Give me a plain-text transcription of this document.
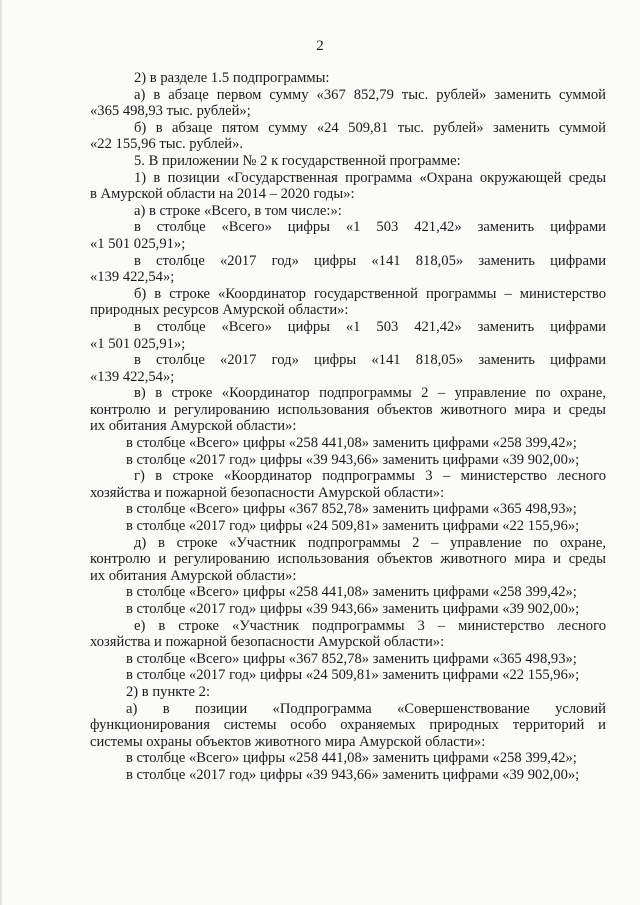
2
2) в разделе 1.5 подпрограммы:
а) в абзаце первом сумму «367 852,79 тыс. рублей» заменить суммой
«365 498,93 тыс. рублей»;
б) в абзаце пятом сумму «24 509,81 тыс. рублей» заменить суммой
«22 155,96 тыс. рублей».
5. В приложении № 2 к государственной программе:
1) в позиции «Государственная программа «Охрана окружающей среды
в Амурской области на 2014 – 2020 годы»:
а) в строке «Всего, в том числе:»:
в столбце «Всего» цифры «1 503 421,42» заменить цифрами
«1 501 025,91»;
в столбце «2017 год» цифры «141 818,05» заменить цифрами
«139 422,54»;
б) в строке «Координатор государственной программы – министерство
природных ресурсов Амурской области»:
в столбце «Всего» цифры «1 503 421,42» заменить цифрами
«1 501 025,91»;
в столбце «2017 год» цифры «141 818,05» заменить цифрами
«139 422,54»;
в) в строке «Координатор подпрограммы 2 – управление по охране,
контролю и регулированию использования объектов животного мира и среды
их обитания Амурской области»:
в столбце «Всего» цифры «258 441,08» заменить цифрами «258 399,42»;
в столбце «2017 год» цифры «39 943,66» заменить цифрами «39 902,00»;
г) в строке «Координатор подпрограммы 3 – министерство лесного
хозяйства и пожарной безопасности Амурской области»:
в столбце «Всего» цифры «367 852,78» заменить цифрами «365 498,93»;
в столбце «2017 год» цифры «24 509,81» заменить цифрами «22 155,96»;
д) в строке «Участник подпрограммы 2 – управление по охране,
контролю и регулированию использования объектов животного мира и среды
их обитания Амурской области»:
в столбце «Всего» цифры «258 441,08» заменить цифрами «258 399,42»;
в столбце «2017 год» цифры «39 943,66» заменить цифрами «39 902,00»;
е) в строке «Участник подпрограммы 3 – министерство лесного
хозяйства и пожарной безопасности Амурской области»:
в столбце «Всего» цифры «367 852,78» заменить цифрами «365 498,93»;
в столбце «2017 год» цифры «24 509,81» заменить цифрами «22 155,96»;
2) в пункте 2:
а) в позиции «Подпрограмма «Совершенствование условий
функционирования системы особо охраняемых природных территорий и
системы охраны объектов животного мира Амурской области»:
в столбце «Всего» цифры «258 441,08» заменить цифрами «258 399,42»;
в столбце «2017 год» цифры «39 943,66» заменить цифрами «39 902,00»;
